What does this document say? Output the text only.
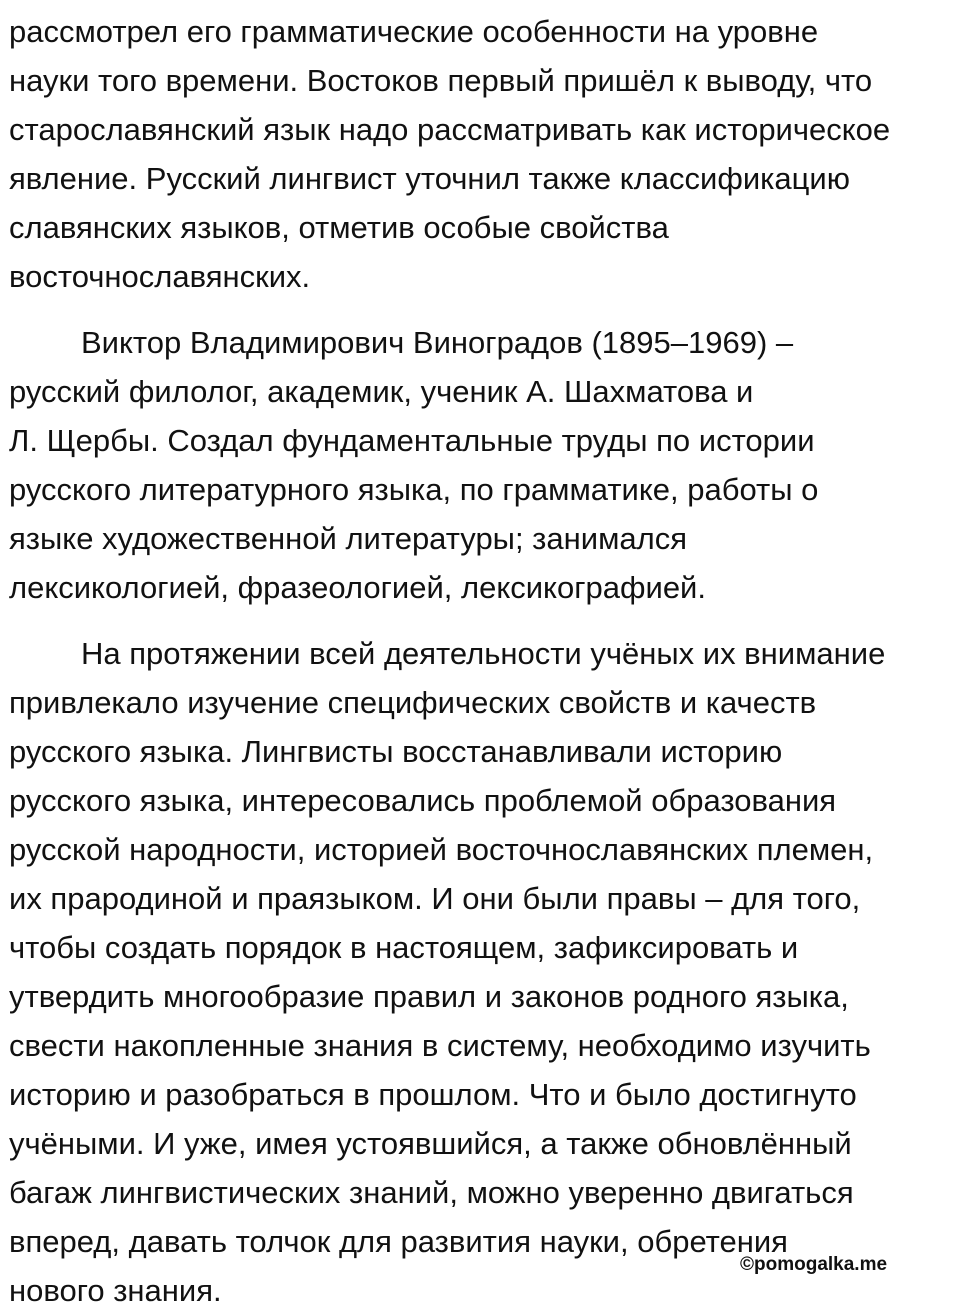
рассмотрел его грамматические особенности на уровне
науки того времени. Востоков первый пришёл к выводу, что
старославянский язык надо рассматривать как историческое
явление. Русский лингвист уточнил также классификацию
славянских языков, отметив особые свойства
восточнославянских.
Виктор Владимирович Виноградов (1895–1969) –
русский филолог, академик, ученик А. Шахматова и
Л. Щербы. Создал фундаментальные труды по истории
русского литературного языка, по грамматике, работы о
языке художественной литературы; занимался
лексикологией, фразеологией, лексикографией.
На протяжении всей деятельности учёных их внимание
привлекало изучение специфических свойств и качеств
русского языка. Лингвисты восстанавливали историю
русского языка, интересовались проблемой образования
русской народности, историей восточнославянских племен,
их прародиной и праязыком. И они были правы – для того,
чтобы создать порядок в настоящем, зафиксировать и
утвердить многообразие правил и законов родного языка,
свести накопленные знания в систему, необходимо изучить
историю и разобраться в прошлом. Что и было достигнуто
учёными. И уже, имея устоявшийся, а также обновлённый
багаж лингвистических знаний, можно уверенно двигаться
вперед, давать толчок для развития науки, обретения
нового знания.
©pomogalka.me
